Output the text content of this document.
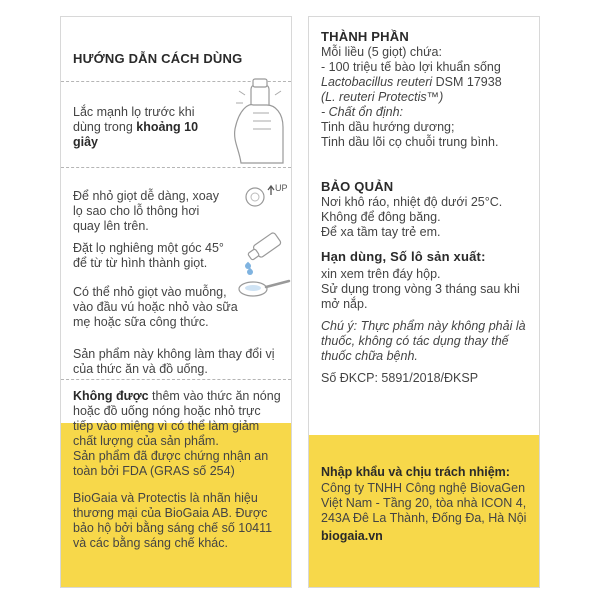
HƯỚNG DẪN CÁCH DÙNG

Lắc mạnh lọ trước khi dùng trong khoảng 10 giây

Để nhỏ giọt dễ dàng, xoay lọ sao cho lỗ thông hơi quay lên trên.
UP
Đặt lọ nghiêng một góc 45° để từ từ hình thành giọt.
Có thể nhỏ giọt vào muỗng, vào đầu vú hoặc nhỏ vào sữa mẹ hoặc sữa công thức.
Sản phẩm này không làm thay đổi vị của thức ăn và đồ uống.

Không được thêm vào thức ăn nóng hoặc đồ uống nóng hoặc nhỏ trực tiếp vào miệng vì có thể làm giảm chất lượng của sản phẩm.

Sản phẩm đã được chứng nhận an toàn bởi FDA (GRAS số 254)
BioGaia và Protectis là nhãn hiệu thương mại của BioGaia AB. Được bảo hộ bởi bằng sáng chế số 10411 và các bằng sáng chế khác.
THÀNH PHẦN

Mỗi liều (5 giọt) chứa:

- 100 triệu tế bào lợi khuẩn sống

Lactobacillus reuteri DSM 17938

(L. reuteri Protectis™)

- Chất ổn định:

Tinh dầu hướng dương;

Tinh dầu lõi cọ chuỗi trung bình.

BẢO QUẢN

Nơi khô ráo, nhiệt độ dưới 25°C.

Không để đông băng.

Để xa tầm tay trẻ em.

Hạn dùng, Số lô sản xuất:

xin xem trên đáy hộp.

Sử dụng trong vòng 3 tháng sau khi mở nắp.

Chú ý: Thực phẩm này không phải là thuốc, không có tác dụng thay thế thuốc chữa bệnh.
Số ĐKCP: 5891/2018/ĐKSP
Nhập khẩu và chịu trách nhiệm:
Công ty TNHH Công nghệ BiovaGen Việt Nam - Tầng 20, tòa nhà ICON 4, 243A Đê La Thành, Đống Đa, Hà Nội
biogaia.vn
